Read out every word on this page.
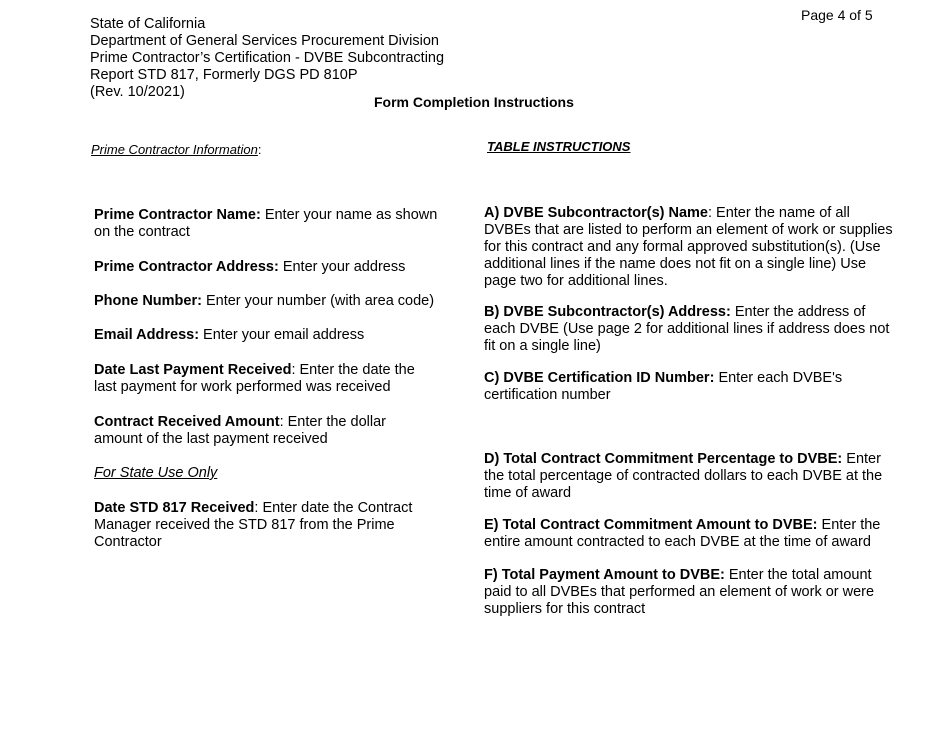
State of California
Department of General Services Procurement Division
Prime Contractor’s Certification - DVBE Subcontracting
Report STD 817, Formerly DGS PD 810P
(Rev. 10/2021)
Page 4 of 5
Form Completion Instructions
Prime Contractor Information:
Prime Contractor Name: Enter your name as shown on the contract
Prime Contractor Address: Enter your address
Phone Number: Enter your number (with area code)
Email Address: Enter your email address
Date Last Payment Received: Enter the date the last payment for work performed was received
Contract Received Amount: Enter the dollar amount of the last payment received
For State Use Only
Date STD 817 Received: Enter date the Contract Manager received the STD 817 from the Prime Contractor
TABLE INSTRUCTIONS
A) DVBE Subcontractor(s) Name: Enter the name of all DVBEs that are listed to perform an element of work or supplies for this contract and any formal approved substitution(s). (Use additional lines if the name does not fit on a single line) Use page two for additional lines.
B) DVBE Subcontractor(s) Address: Enter the address of each DVBE (Use page 2 for additional lines if address does not fit on a single line)
C) DVBE Certification ID Number: Enter each DVBE's certification number
D) Total Contract Commitment Percentage to DVBE: Enter the total percentage of contracted dollars to each DVBE at the time of award
E) Total Contract Commitment Amount to DVBE: Enter the entire amount contracted to each DVBE at the time of award
F) Total Payment Amount to DVBE: Enter the total amount paid to all DVBEs that performed an element of work or were suppliers for this contract
